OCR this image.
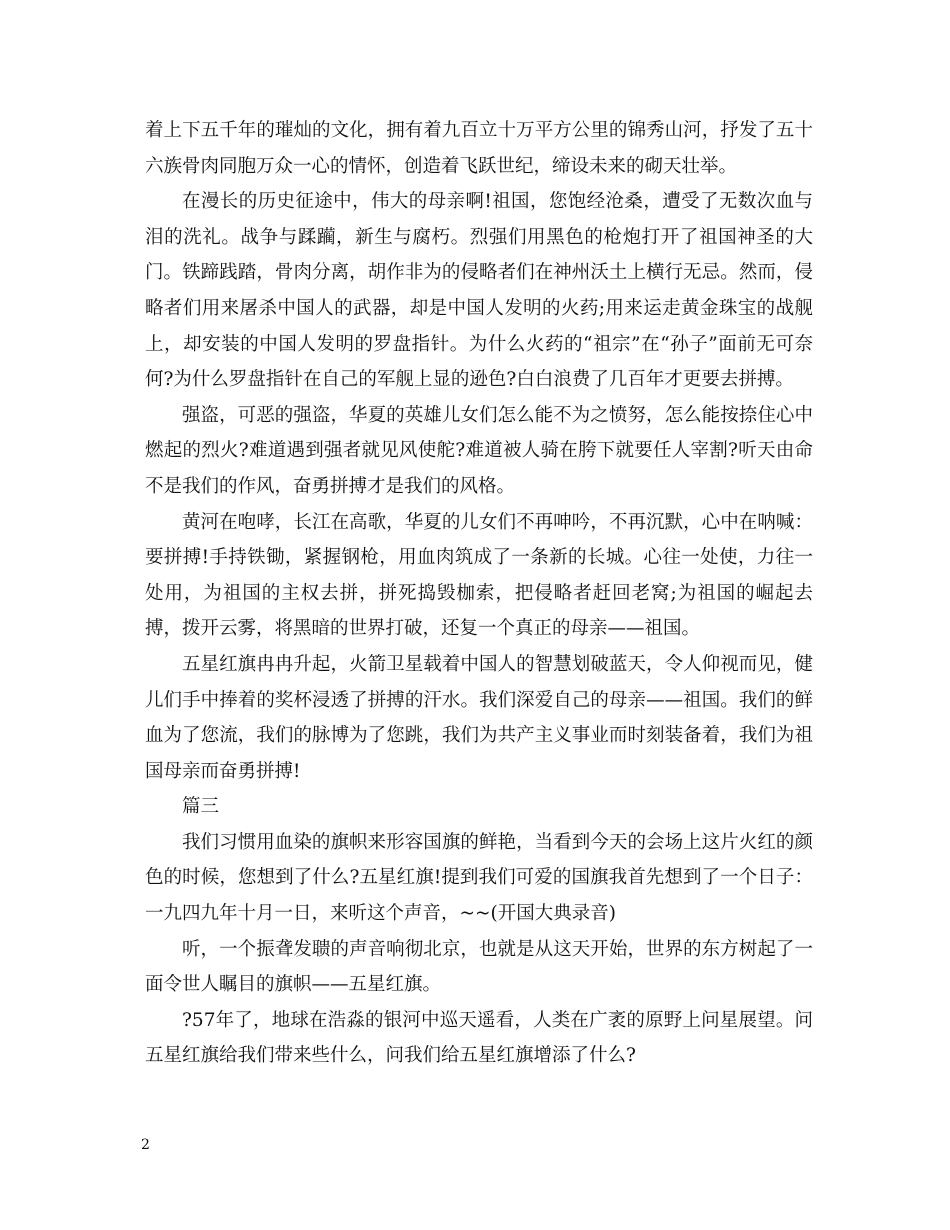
着上下五千年的璀灿的文化，拥有着九百立十万平方公里的锦秀山河，抒发了五十六族骨肉同胞万众一心的情怀，创造着飞跃世纪，缔设未来的砌天壮举。

在漫长的历史征途中，伟大的母亲啊!祖国，您饱经沧桑，遭受了无数次血与泪的洗礼。战争与蹂躏，新生与腐朽。烈强们用黑色的枪炮打开了祖国神圣的大门。铁蹄践踏，骨肉分离，胡作非为的侵略者们在神州沃土上横行无忌。然而，侵略者们用来屠杀中国人的武器，却是中国人发明的火药;用来运走黄金珠宝的战舰上，却安装的中国人发明的罗盘指针。为什么火药的“祖宗”在“孙子”面前无可奈何?为什么罗盘指针在自己的军舰上显的逊色?白白浪费了几百年才更要去拼搏。

强盗，可恶的强盗，华夏的英雄儿女们怎么能不为之愤努，怎么能按捺住心中燃起的烈火?难道遇到强者就见风使舵?难道被人骑在胯下就要任人宰割?听天由命不是我们的作风，奋勇拼搏才是我们的风格。

黄河在咆哮，长江在高歌，华夏的儿女们不再呻吟，不再沉默，心中在呐喊：要拼搏!手持铁锄，紧握钢枪，用血肉筑成了一条新的长城。心往一处使，力往一处用，为祖国的主权去拼，拼死捣毁枷索，把侵略者赶回老窝;为祖国的崛起去搏，拨开云雾，将黑暗的世界打破，还复一个真正的母亲——祖国。

五星红旗冉冉升起，火箭卫星载着中国人的智慧划破蓝天，令人仰视而见，健儿们手中捧着的奖杯浸透了拼搏的汗水。我们深爱自己的母亲——祖国。我们的鲜血为了您流，我们的脉博为了您跳，我们为共产主义事业而时刻装备着，我们为祖国母亲而奋勇拼搏!

篇三

我们习惯用血染的旗帜来形容国旗的鲜艳，当看到今天的会场上这片火红的颜色的时候，您想到了什么?五星红旗!提到我们可爱的国旗我首先想到了一个日子：一九四九年十月一日，来听这个声音，~~(开国大典录音)

听，一个振聋发聩的声音响彻北京，也就是从这天开始，世界的东方树起了一面令世人瞩目的旗帜——五星红旗。

?57年了，地球在浩淼的银河中巡天遥看，人类在广袤的原野上问星展望。问五星红旗给我们带来些什么，问我们给五星红旗增添了什么?

2
